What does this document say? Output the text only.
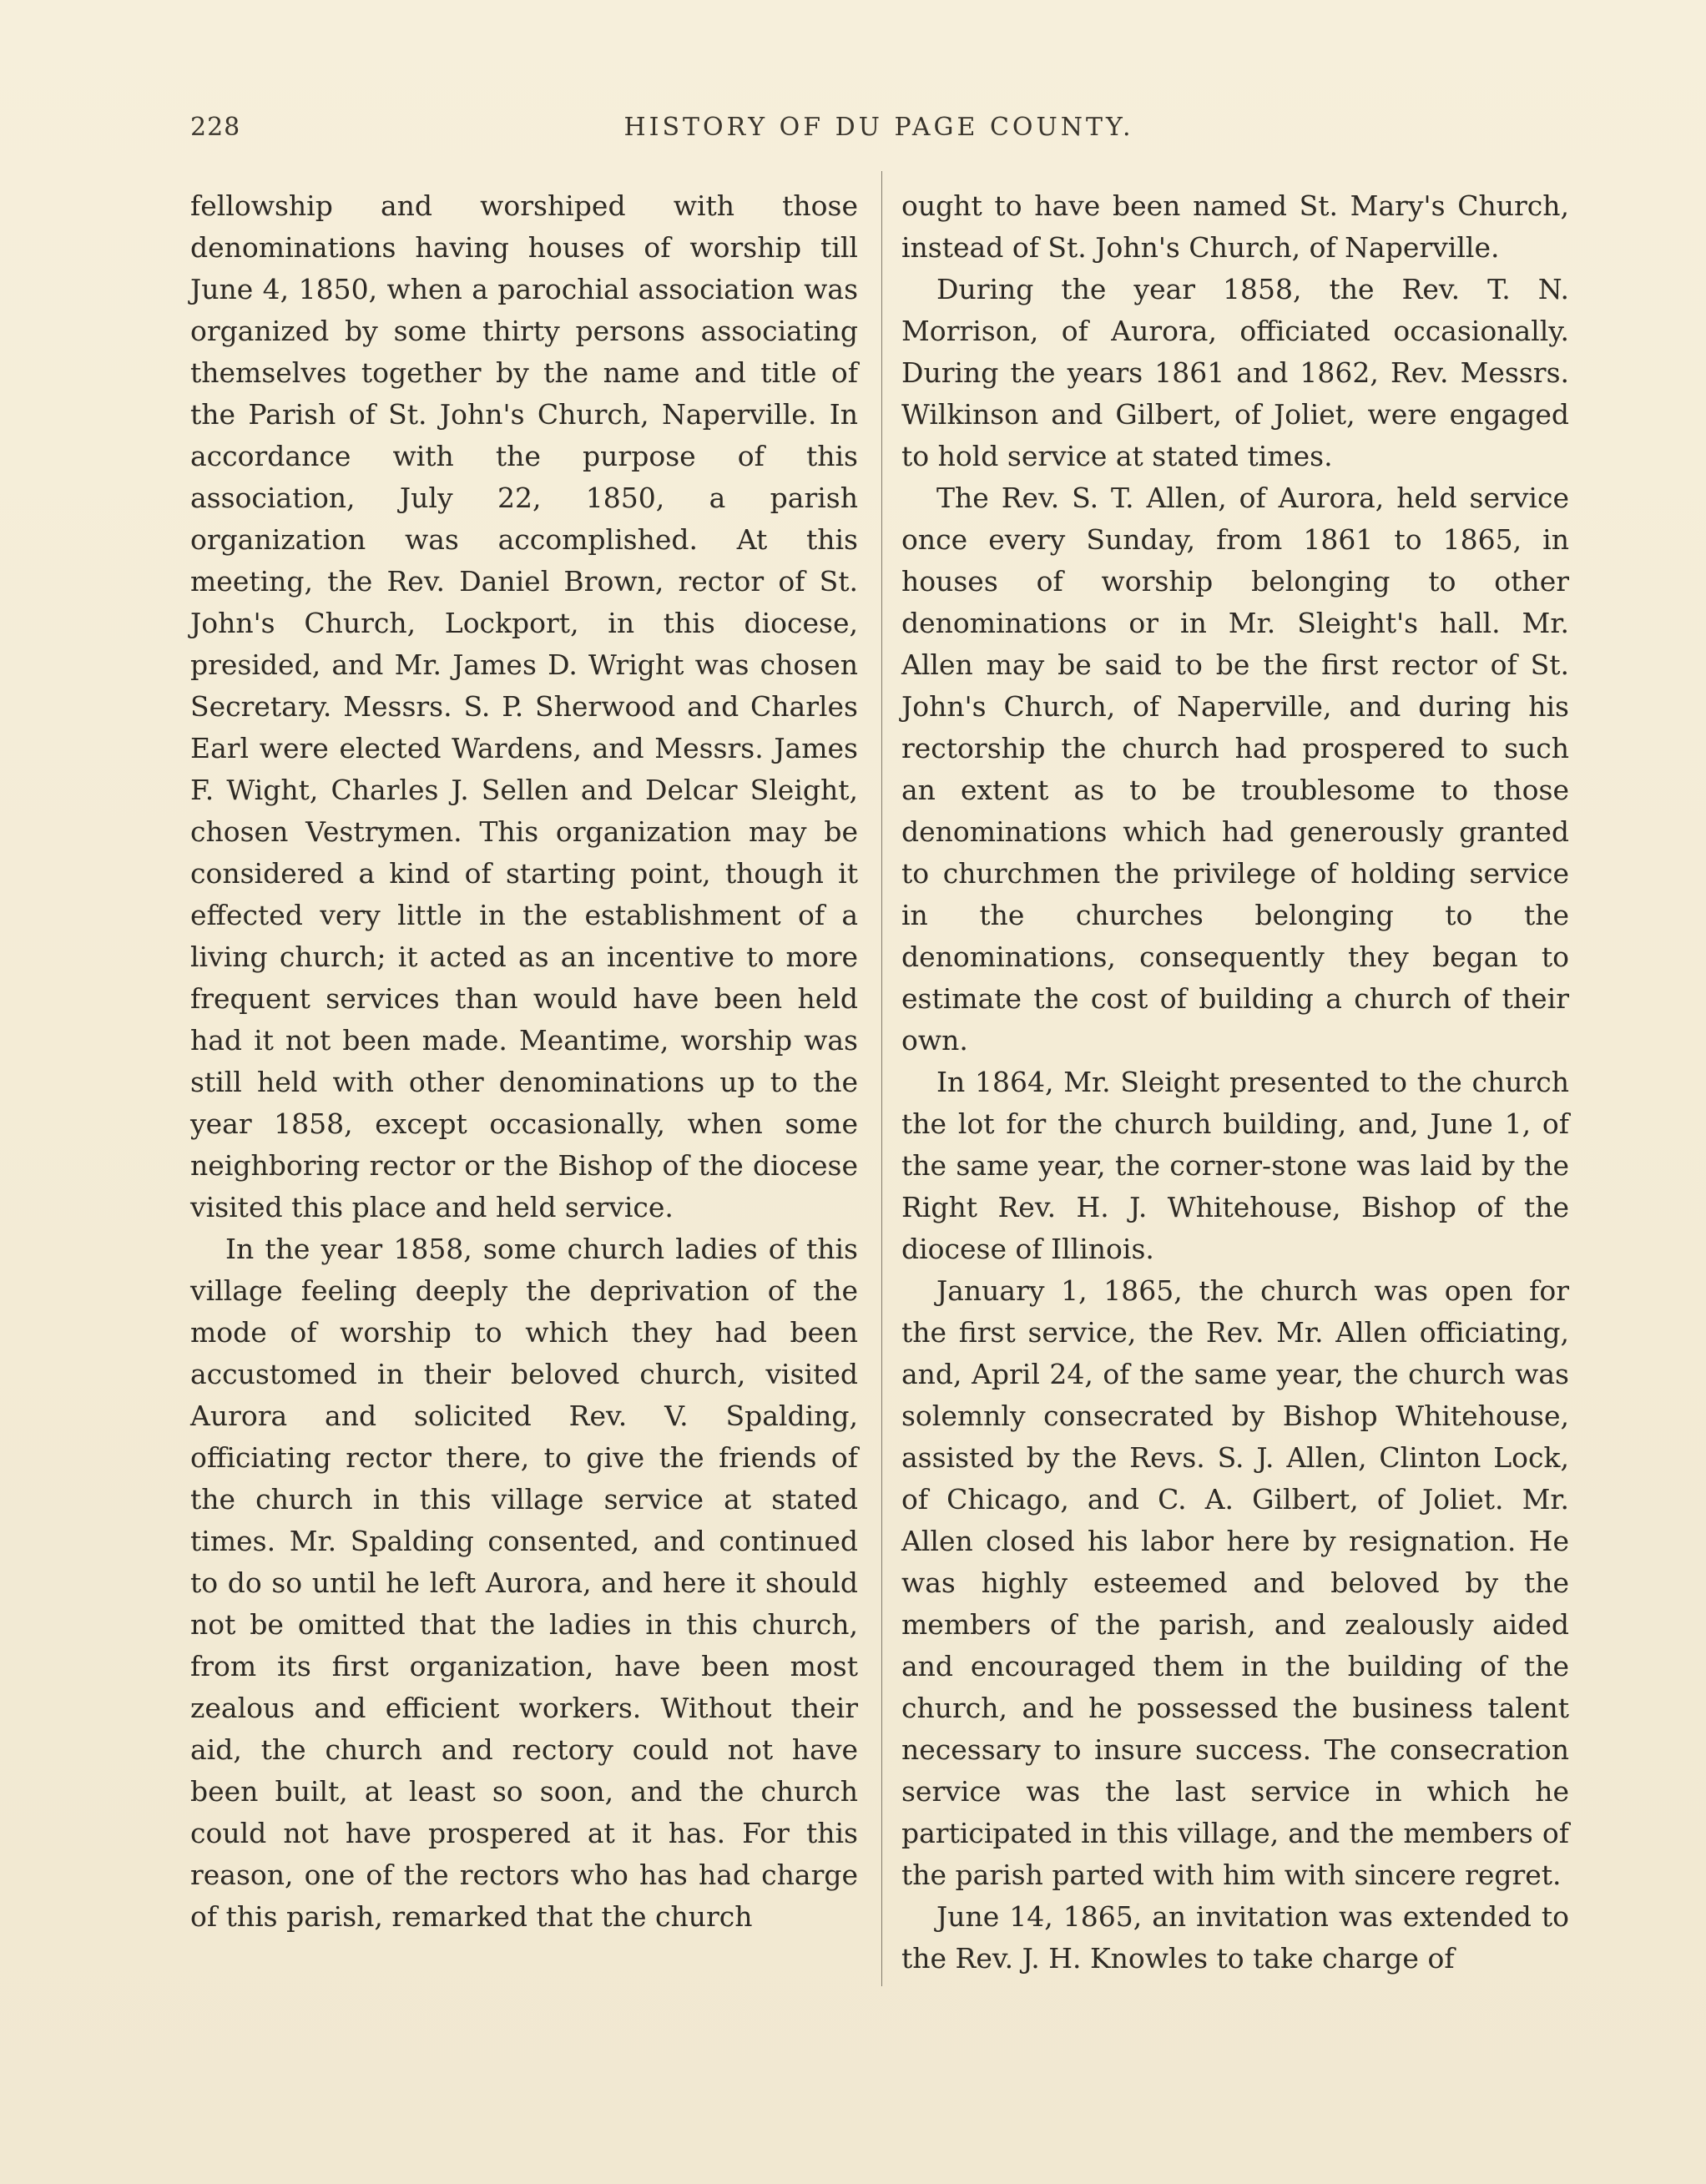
228	HISTORY OF DU PAGE COUNTY.

fellowship and worshiped with those denominations having houses of worship till June 4, 1850, when a parochial association was organized by some thirty persons associating themselves together by the name and title of the Parish of St. John's Church, Naperville. In accordance with the purpose of this association, July 22, 1850, a parish organization was accomplished. At this meeting, the Rev. Daniel Brown, rector of St. John's Church, Lockport, in this diocese, presided, and Mr. James D. Wright was chosen Secretary. Messrs. S. P. Sherwood and Charles Earl were elected Wardens, and Messrs. James F. Wight, Charles J. Sellen and Delcar Sleight, chosen Vestrymen. This organization may be considered a kind of starting point, though it effected very little in the establishment of a living church; it acted as an incentive to more frequent services than would have been held had it not been made. Meantime, worship was still held with other denominations up to the year 1858, except occasionally, when some neighboring rector or the Bishop of the diocese visited this place and held service.

In the year 1858, some church ladies of this village feeling deeply the deprivation of the mode of worship to which they had been accustomed in their beloved church, visited Aurora and solicited Rev. V. Spalding, officiating rector there, to give the friends of the church in this village service at stated times. Mr. Spalding consented, and continued to do so until he left Aurora, and here it should not be omitted that the ladies in this church, from its first organization, have been most zealous and efficient workers. Without their aid, the church and rectory could not have been built, at least so soon, and the church could not have prospered at it has. For this reason, one of the rectors who has had charge of this parish, remarked that the church

ought to have been named St. Mary's Church, instead of St. John's Church, of Naperville.

During the year 1858, the Rev. T. N. Morrison, of Aurora, officiated occasionally. During the years 1861 and 1862, Rev. Messrs. Wilkinson and Gilbert, of Joliet, were engaged to hold service at stated times.

The Rev. S. T. Allen, of Aurora, held service once every Sunday, from 1861 to 1865, in houses of worship belonging to other denominations or in Mr. Sleight's hall. Mr. Allen may be said to be the first rector of St. John's Church, of Naperville, and during his rectorship the church had prospered to such an extent as to be troublesome to those denominations which had generously granted to churchmen the privilege of holding service in the churches belonging to the denominations, consequently they began to estimate the cost of building a church of their own.

In 1864, Mr. Sleight presented to the church the lot for the church building, and, June 1, of the same year, the corner-stone was laid by the Right Rev. H. J. Whitehouse, Bishop of the diocese of Illinois.

January 1, 1865, the church was open for the first service, the Rev. Mr. Allen officiating, and, April 24, of the same year, the church was solemnly consecrated by Bishop Whitehouse, assisted by the Revs. S. J. Allen, Clinton Lock, of Chicago, and C. A. Gilbert, of Joliet. Mr. Allen closed his labor here by resignation. He was highly esteemed and beloved by the members of the parish, and zealously aided and encouraged them in the building of the church, and he possessed the business talent necessary to insure success. The consecration service was the last service in which he participated in this village, and the members of the parish parted with him with sincere regret.

June 14, 1865, an invitation was extended to the Rev. J. H. Knowles to take charge of
